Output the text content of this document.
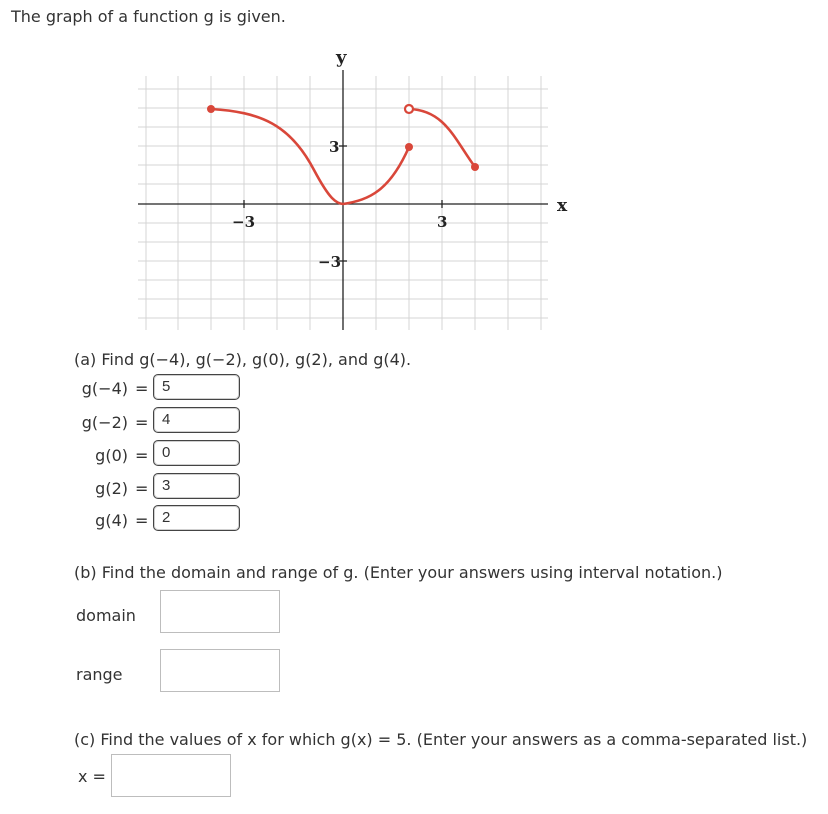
The graph of a function g is given.
y
x
−3	3
3
−3
(a) Find g(−4), g(−2), g(0), g(2), and g(4).
g(−4) = 5
g(−2) = 4
g(0) = 0
g(2) = 3
g(4) = 2
(b) Find the domain and range of g. (Enter your answers using interval notation.)
domain
range
(c) Find the values of x for which g(x) = 5. (Enter your answers as a comma-separated list.)
x =
